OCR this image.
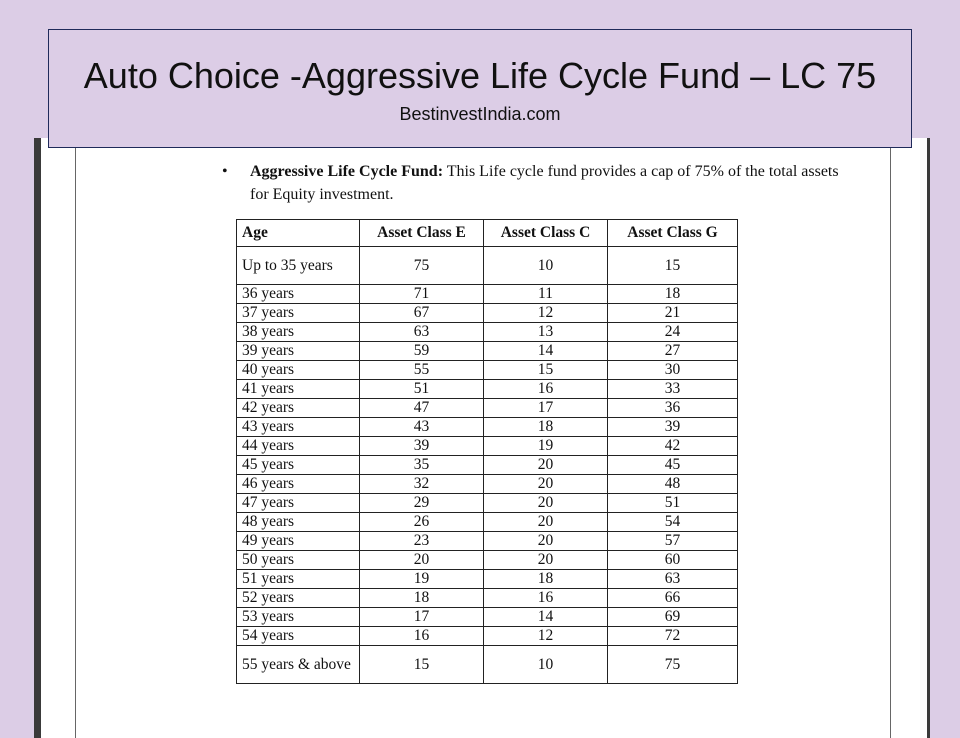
Auto Choice -Aggressive Life Cycle Fund – LC 75

BestinvestIndia.com

• Aggressive Life Cycle Fund: This Life cycle fund provides a cap of 75% of the total assets for Equity investment.
Age	Asset Class E	Asset Class C	Asset Class G
Up to 35 years	75	10	15
36 years	71	11	18
37 years	67	12	21
38 years	63	13	24
39 years	59	14	27
40 years	55	15	30
41 years	51	16	33
42 years	47	17	36
43 years	43	18	39
44 years	39	19	42
45 years	35	20	45
46 years	32	20	48
47 years	29	20	51
48 years	26	20	54
49 years	23	20	57
50 years	20	20	60
51 years	19	18	63
52 years	18	16	66
53 years	17	14	69
54 years	16	12	72
55 years & above	15	10	75
